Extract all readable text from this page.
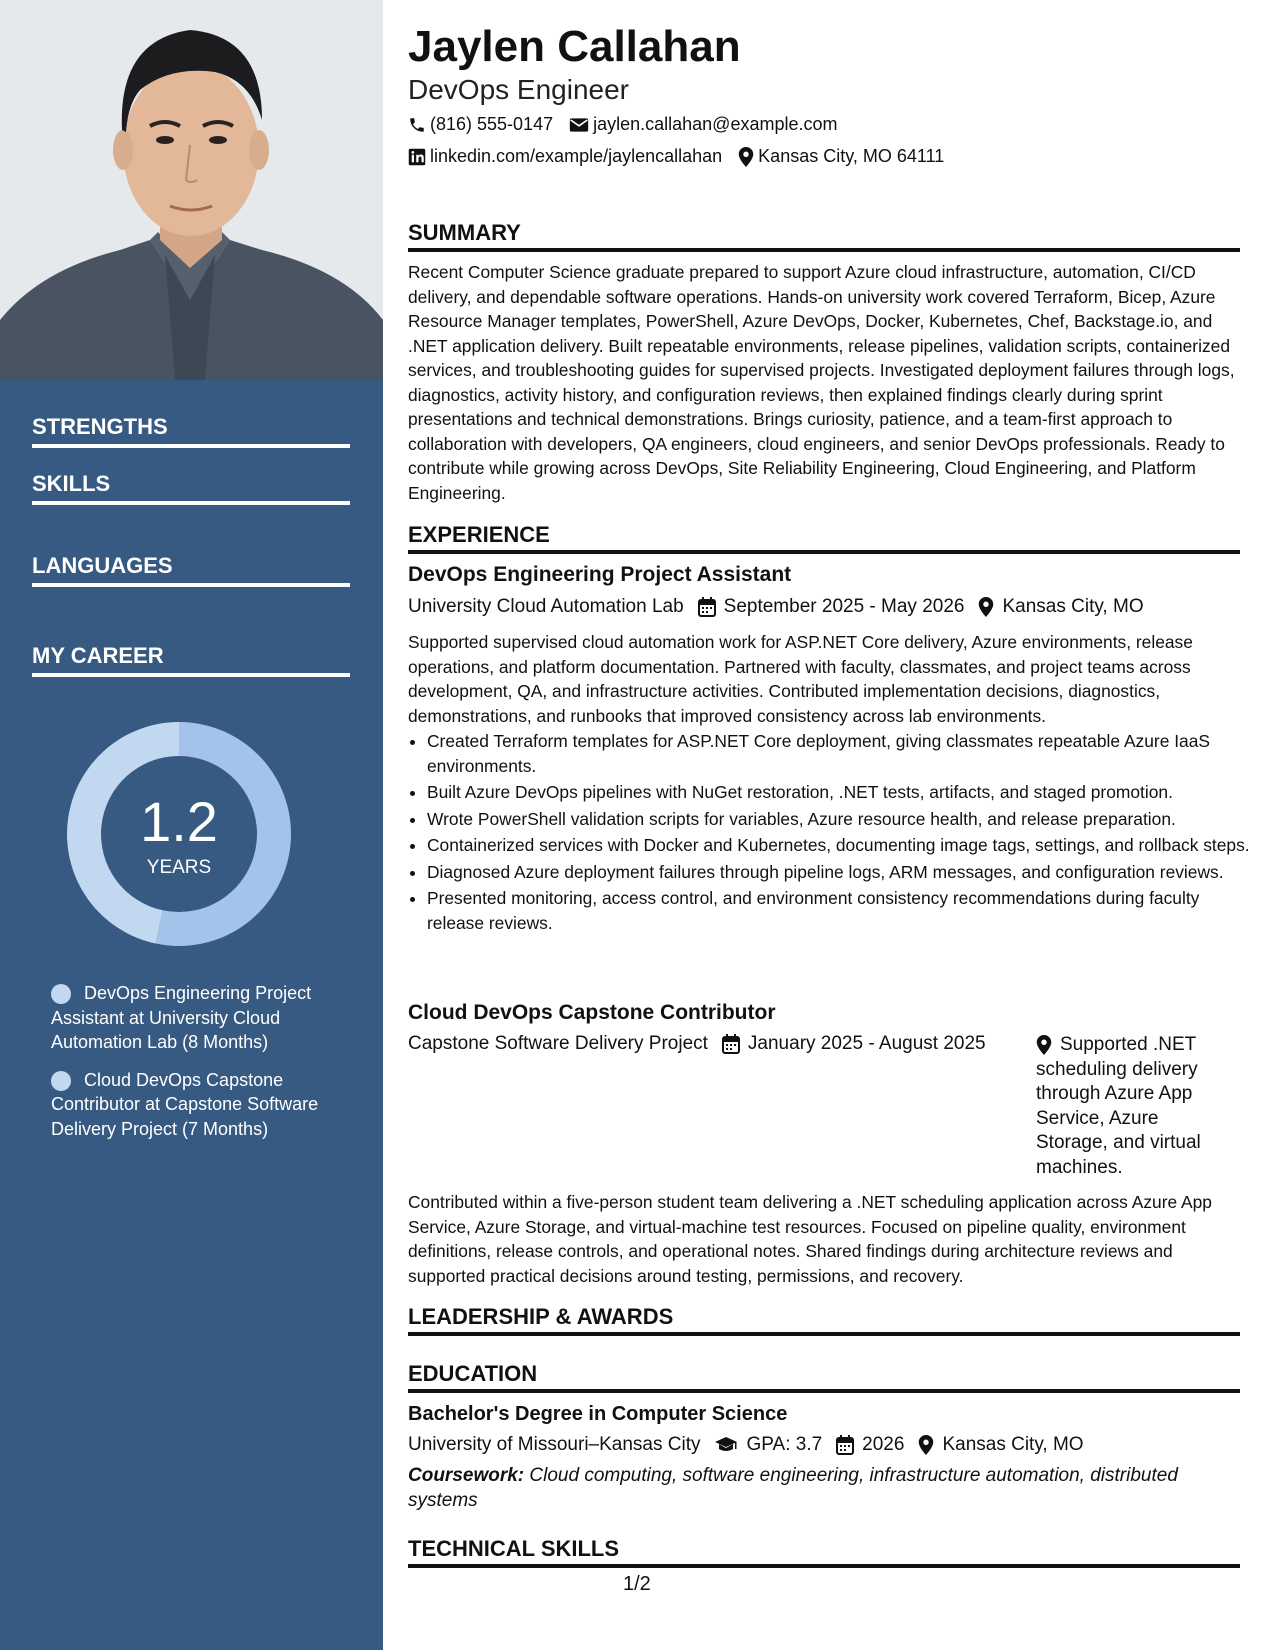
STRENGTHS
SKILLS
LANGUAGES
MY CAREER
1.2
YEARS
DevOps Engineering Project Assistant at University Cloud Automation Lab (8 Months)
Cloud DevOps Capstone Contributor at Capstone Software Delivery Project (7 Months)
Jaylen Callahan
DevOps Engineer
(816) 555-0147 jaylen.callahan@example.com
linkedin.com/example/jaylencallahan Kansas City, MO 64111
SUMMARY

Recent Computer Science graduate prepared to support Azure cloud infrastructure, automation, CI/CD delivery, and dependable software operations. Hands-on university work covered Terraform, Bicep, Azure Resource Manager templates, PowerShell, Azure DevOps, Docker, Kubernetes, Chef, Backstage.io, and .NET application delivery. Built repeatable environments, release pipelines, validation scripts, containerized services, and troubleshooting guides for supervised projects. Investigated deployment failures through logs, diagnostics, activity history, and configuration reviews, then explained findings clearly during sprint presentations and technical demonstrations. Brings curiosity, patience, and a team-first approach to collaboration with developers, QA engineers, cloud engineers, and senior DevOps professionals. Ready to contribute while growing across DevOps, Site Reliability Engineering, Cloud Engineering, and Platform Engineering.

EXPERIENCE
DevOps Engineering Project Assistant
University Cloud Automation Lab September 2025 - May 2026 Kansas City, MO

Supported supervised cloud automation work for ASP.NET Core delivery, Azure environments, release operations, and platform documentation. Partnered with faculty, classmates, and project teams across development, QA, and infrastructure activities. Contributed implementation decisions, diagnostics, demonstrations, and runbooks that improved consistency across lab environments.

• Created Terraform templates for ASP.NET Core deployment, giving classmates repeatable Azure IaaS environments.
• Built Azure DevOps pipelines with NuGet restoration, .NET tests, artifacts, and staged promotion.
• Wrote PowerShell validation scripts for variables, Azure resource health, and release preparation.
• Containerized services with Docker and Kubernetes, documenting image tags, settings, and rollback steps.
• Diagnosed Azure deployment failures through pipeline logs, ARM messages, and configuration reviews.
• Presented monitoring, access control, and environment consistency recommendations during faculty release reviews.
Cloud DevOps Capstone Contributor
Capstone Software Delivery Project January 2025 - August 2025	Supported .NET scheduling delivery through Azure App Service, Azure Storage, and virtual machines.

Contributed within a five-person student team delivering a .NET scheduling application across Azure App Service, Azure Storage, and virtual-machine test resources. Focused on pipeline quality, environment definitions, release controls, and operational notes. Shared findings during architecture reviews and supported practical decisions around testing, permissions, and recovery.

LEADERSHIP & AWARDS
EDUCATION
Bachelor's Degree in Computer Science
University of Missouri–Kansas City GPA: 3.7 2026 Kansas City, MO

Coursework: Cloud computing, software engineering, infrastructure automation, distributed systems

TECHNICAL SKILLS
1/2
